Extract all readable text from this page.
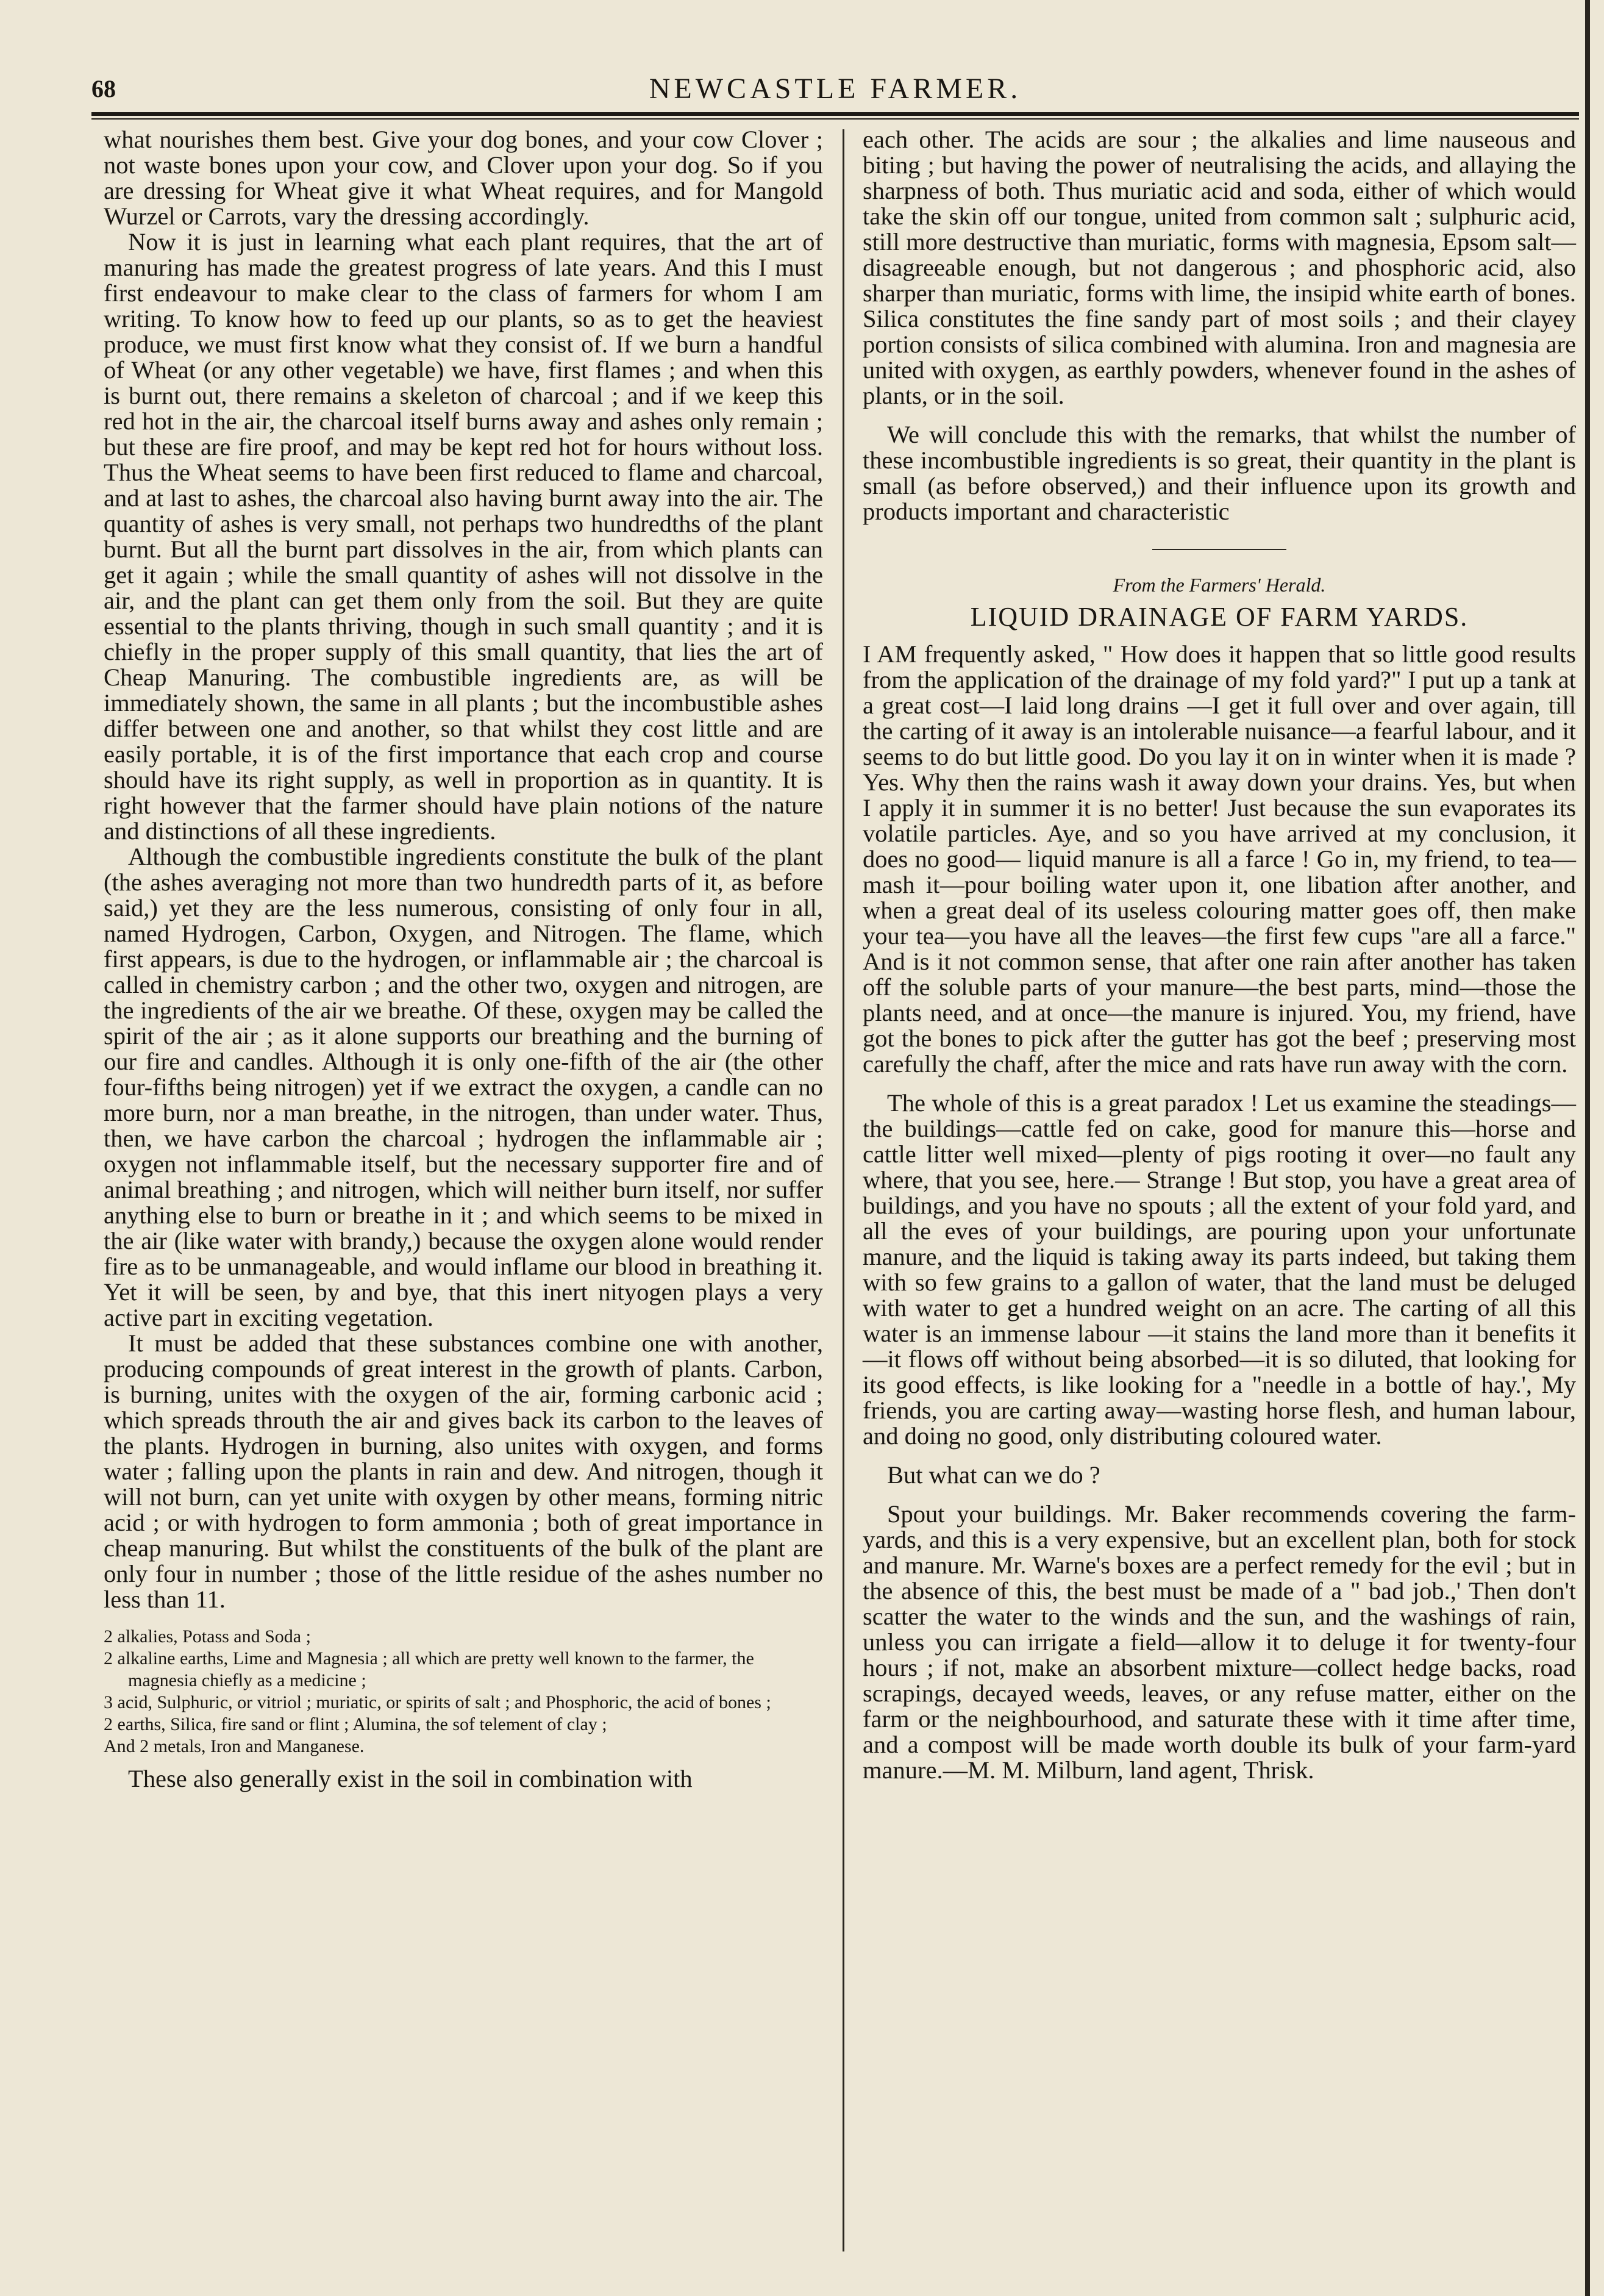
68	NEWCASTLE FARMER.

what nourishes them best. Give your dog bones, and your cow Clover ; not waste bones upon your cow, and Clover upon your dog. So if you are dressing for Wheat give it what Wheat requires, and for Mangold Wurzel or Carrots, vary the dressing accordingly.

Now it is just in learning what each plant requires, that the art of manuring has made the greatest progress of late years. And this I must first endeavour to make clear to the class of farmers for whom I am writing. To know how to feed up our plants, so as to get the heaviest produce, we must first know what they consist of. If we burn a handful of Wheat (or any other vegetable) we have, first flames ; and when this is burnt out, there remains a skeleton of charcoal ; and if we keep this red hot in the air, the charcoal itself burns away and ashes only remain ; but these are fire proof, and may be kept red hot for hours without loss. Thus the Wheat seems to have been first reduced to flame and charcoal, and at last to ashes, the charcoal also having burnt away into the air. The quantity of ashes is very small, not perhaps two hundredths of the plant burnt. But all the burnt part dissolves in the air, from which plants can get it again ; while the small quantity of ashes will not dissolve in the air, and the plant can get them only from the soil. But they are quite essential to the plants thriving, though in such small quantity ; and it is chiefly in the proper supply of this small quantity, that lies the art of Cheap Manuring. The combustible ingredients are, as will be immediately shown, the same in all plants ; but the incombustible ashes differ between one and another, so that whilst they cost little and are easily portable, it is of the first importance that each crop and course should have its right supply, as well in proportion as in quantity. It is right however that the farmer should have plain notions of the nature and distinctions of all these ingredients.

Although the combustible ingredients constitute the bulk of the plant (the ashes averaging not more than two hundredth parts of it, as before said,) yet they are the less numerous, consisting of only four in all, named Hydrogen, Carbon, Oxygen, and Nitrogen. The flame, which first appears, is due to the hydrogen, or inflammable air ; the charcoal is called in chemistry carbon ; and the other two, oxygen and nitrogen, are the ingredients of the air we breathe. Of these, oxygen may be called the spirit of the air ; as it alone supports our breathing and the burning of our fire and candles. Although it is only one-fifth of the air (the other four-fifths being nitrogen) yet if we extract the oxygen, a candle can no more burn, nor a man breathe, in the nitrogen, than under water. Thus, then, we have carbon the charcoal ; hydrogen the inflammable air ; oxygen not inflammable itself, but the necessary supporter fire and of animal breathing ; and nitrogen, which will neither burn itself, nor suffer anything else to burn or breathe in it ; and which seems to be mixed in the air (like water with brandy,) because the oxygen alone would render fire as to be unmanageable, and would inflame our blood in breathing it. Yet it will be seen, by and bye, that this inert nityogen plays a very active part in exciting vegetation.

It must be added that these substances combine one with another, producing compounds of great interest in the growth of plants. Carbon, is burning, unites with the oxygen of the air, forming carbonic acid ; which spreads throuth the air and gives back its carbon to the leaves of the plants. Hydrogen in burning, also unites with oxygen, and forms water ; falling upon the plants in rain and dew. And nitrogen, though it will not burn, can yet unite with oxygen by other means, forming nitric acid ; or with hydrogen to form ammonia ; both of great importance in cheap manuring. But whilst the constituents of the bulk of the plant are only four in number ; those of the little residue of the ashes number no less than 11.

2 alkalies, Potass and Soda ;
2 alkaline earths, Lime and Magnesia ; all which are pretty well known to the farmer, the magnesia chiefly as a medicine ;
3 acid, Sulphuric, or vitriol ; muriatic, or spirits of salt ; and Phosphoric, the acid of bones ;
2 earths, Silica, fire sand or flint ; Alumina, the sof telement of clay ;
And 2 metals, Iron and Manganese.

These also generally exist in the soil in combination with

each other. The acids are sour ; the alkalies and lime nauseous and biting ; but having the power of neutralising the acids, and allaying the sharpness of both. Thus muriatic acid and soda, either of which would take the skin off our tongue, united from common salt ; sulphuric acid, still more destructive than muriatic, forms with magnesia, Epsom salt— disagreeable enough, but not dangerous ; and phosphoric acid, also sharper than muriatic, forms with lime, the insipid white earth of bones. Silica constitutes the fine sandy part of most soils ; and their clayey portion consists of silica combined with alumina. Iron and magnesia are united with oxygen, as earthly powders, whenever found in the ashes of plants, or in the soil.

We will conclude this with the remarks, that whilst the number of these incombustible ingredients is so great, their quantity in the plant is small (as before observed,) and their influence upon its growth and products important and characteristic

From the Farmers' Herald.
LIQUID DRAINAGE OF FARM YARDS.

I AM frequently asked, " How does it happen that so little good results from the application of the drainage of my fold yard?" I put up a tank at a great cost—I laid long drains —I get it full over and over again, till the carting of it away is an intolerable nuisance—a fearful labour, and it seems to do but little good. Do you lay it on in winter when it is made ? Yes. Why then the rains wash it away down your drains. Yes, but when I apply it in summer it is no better! Just because the sun evaporates its volatile particles. Aye, and so you have arrived at my conclusion, it does no good— liquid manure is all a farce ! Go in, my friend, to tea—mash it—pour boiling water upon it, one libation after another, and when a great deal of its useless colouring matter goes off, then make your tea—you have all the leaves—the first few cups "are all a farce." And is it not common sense, that after one rain after another has taken off the soluble parts of your manure—the best parts, mind—those the plants need, and at once—the manure is injured. You, my friend, have got the bones to pick after the gutter has got the beef ; preserving most carefully the chaff, after the mice and rats have run away with the corn.

The whole of this is a great paradox ! Let us examine the steadings—the buildings—cattle fed on cake, good for manure this—horse and cattle litter well mixed—plenty of pigs rooting it over—no fault any where, that you see, here.— Strange ! But stop, you have a great area of buildings, and you have no spouts ; all the extent of your fold yard, and all the eves of your buildings, are pouring upon your unfortunate manure, and the liquid is taking away its parts indeed, but taking them with so few grains to a gallon of water, that the land must be deluged with water to get a hundred weight on an acre. The carting of all this water is an immense labour —it stains the land more than it benefits it—it flows off without being absorbed—it is so diluted, that looking for its good effects, is like looking for a "needle in a bottle of hay.', My friends, you are carting away—wasting horse flesh, and human labour, and doing no good, only distributing coloured water.

But what can we do ?

Spout your buildings. Mr. Baker recommends covering the farm-yards, and this is a very expensive, but an excellent plan, both for stock and manure. Mr. Warne's boxes are a perfect remedy for the evil ; but in the absence of this, the best must be made of a " bad job.,' Then don't scatter the water to the winds and the sun, and the washings of rain, unless you can irrigate a field—allow it to deluge it for twenty-four hours ; if not, make an absorbent mixture—collect hedge backs, road scrapings, decayed weeds, leaves, or any refuse matter, either on the farm or the neighbourhood, and saturate these with it time after time, and a compost will be made worth double its bulk of your farm-yard manure.—M. M. Milburn, land agent, Thrisk.
